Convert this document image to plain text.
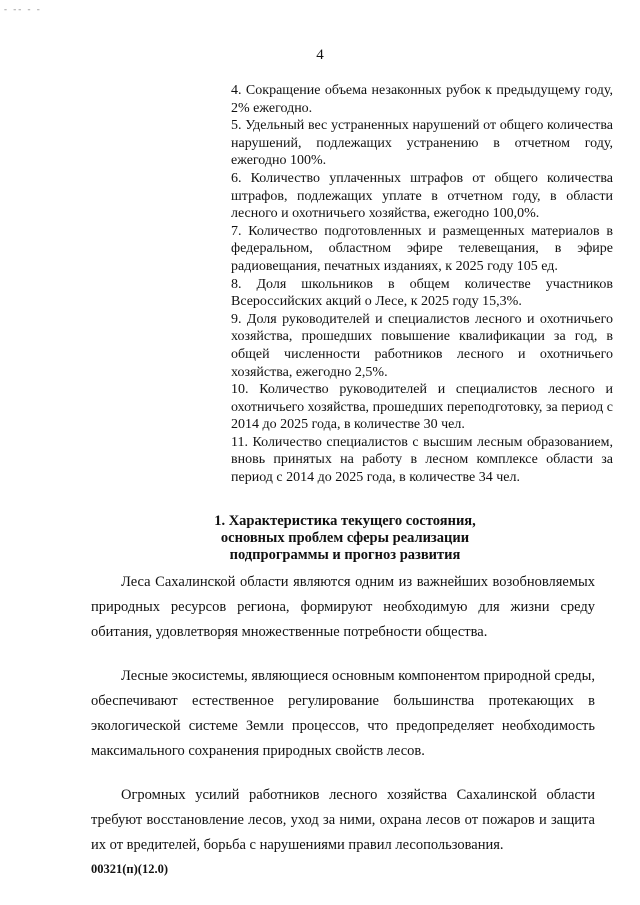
- -- - -
4
4. Сокращение объема незаконных рубок к предыдущему году, 2% ежегодно.
5. Удельный вес устраненных нарушений от общего количества нарушений, подлежащих устранению в отчетном году, ежегодно 100%.
6. Количество уплаченных штрафов от общего количества штрафов, подлежащих уплате в отчетном году, в области лесного и охотничьего хозяйства, ежегодно 100,0%.
7. Количество подготовленных и размещенных материалов в федеральном, областном эфире телевещания, в эфире радиовещания, печатных изданиях, к 2025 году 105 ед.
8. Доля школьников в общем количестве участников Всероссийских акций о Лесе, к 2025 году 15,3%.
9. Доля руководителей и специалистов лесного и охотничьего хозяйства, прошедших повышение квалификации за год, в общей численности работников лесного и охотничьего хозяйства, ежегодно 2,5%.
10. Количество руководителей и специалистов лесного и охотничьего хозяйства, прошедших переподготовку, за период с 2014 до 2025 года, в количестве 30 чел.
11. Количество специалистов с высшим лесным образованием, вновь принятых на работу в лесном комплексе области за период с 2014 до 2025 года, в количестве 34 чел.
1. Характеристика текущего состояния,
основных проблем сферы реализации
подпрограммы и прогноз развития

Леса Сахалинской области являются одним из важнейших возобновляемых природных ресурсов региона, формируют необходимую для жизни среду обитания, удовлетворяя множественные потребности общества.

Лесные экосистемы, являющиеся основным компонентом природной среды, обеспечивают естественное регулирование большинства протекающих в экологической системе Земли процессов, что предопределяет необходимость максимального сохранения природных свойств лесов.

Огромных усилий работников лесного хозяйства Сахалинской области требуют восстановление лесов, уход за ними, охрана лесов от пожаров и защита их от вредителей, борьба с нарушениями правил лесопользования.

00321(п)(12.0)
